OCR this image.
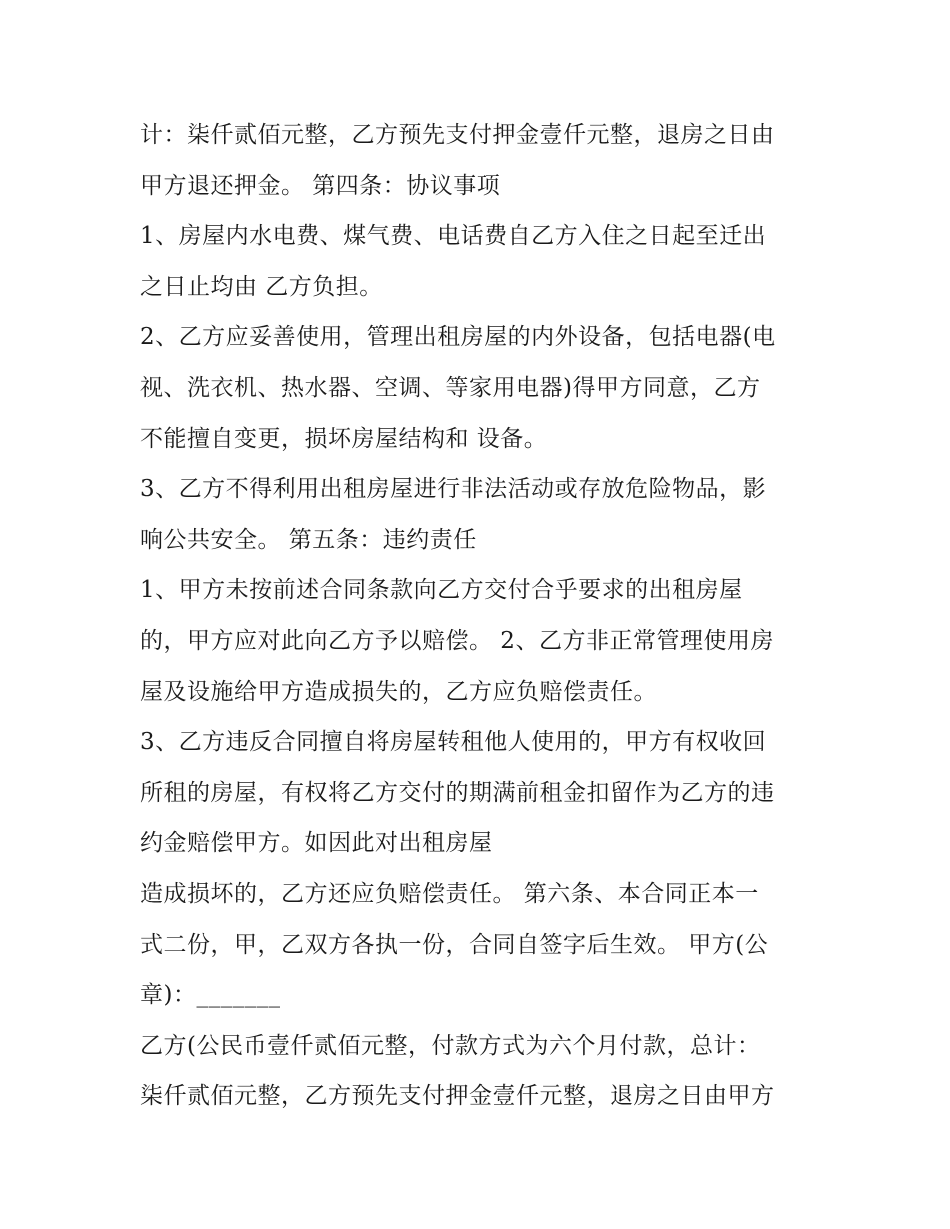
计：柒仟贰佰元整，乙方预先支付押金壹仟元整，退房之日由
甲方退还押金。 第四条：协议事项
1、房屋内水电费、煤气费、电话费自乙方入住之日起至迁出
之日止均由 乙方负担。
2、乙方应妥善使用，管理出租房屋的内外设备，包括电器(电
视、洗衣机、热水器、空调、等家用电器)得甲方同意，乙方
不能擅自变更，损坏房屋结构和 设备。
3、乙方不得利用出租房屋进行非法活动或存放危险物品，影
响公共安全。 第五条：违约责任
1、甲方未按前述合同条款向乙方交付合乎要求的出租房屋
的，甲方应对此向乙方予以赔偿。 2、乙方非正常管理使用房
屋及设施给甲方造成损失的，乙方应负赔偿责任。
3、乙方违反合同擅自将房屋转租他人使用的，甲方有权收回
所租的房屋，有权将乙方交付的期满前租金扣留作为乙方的违
约金赔偿甲方。如因此对出租房屋
造成损坏的，乙方还应负赔偿责任。 第六条、本合同正本一
式二份，甲，乙双方各执一份，合同自签字后生效。 甲方(公
章)：_______
乙方(公民币壹仟贰佰元整，付款方式为六个月付款，总计：
柒仟贰佰元整，乙方预先支付押金壹仟元整，退房之日由甲方
